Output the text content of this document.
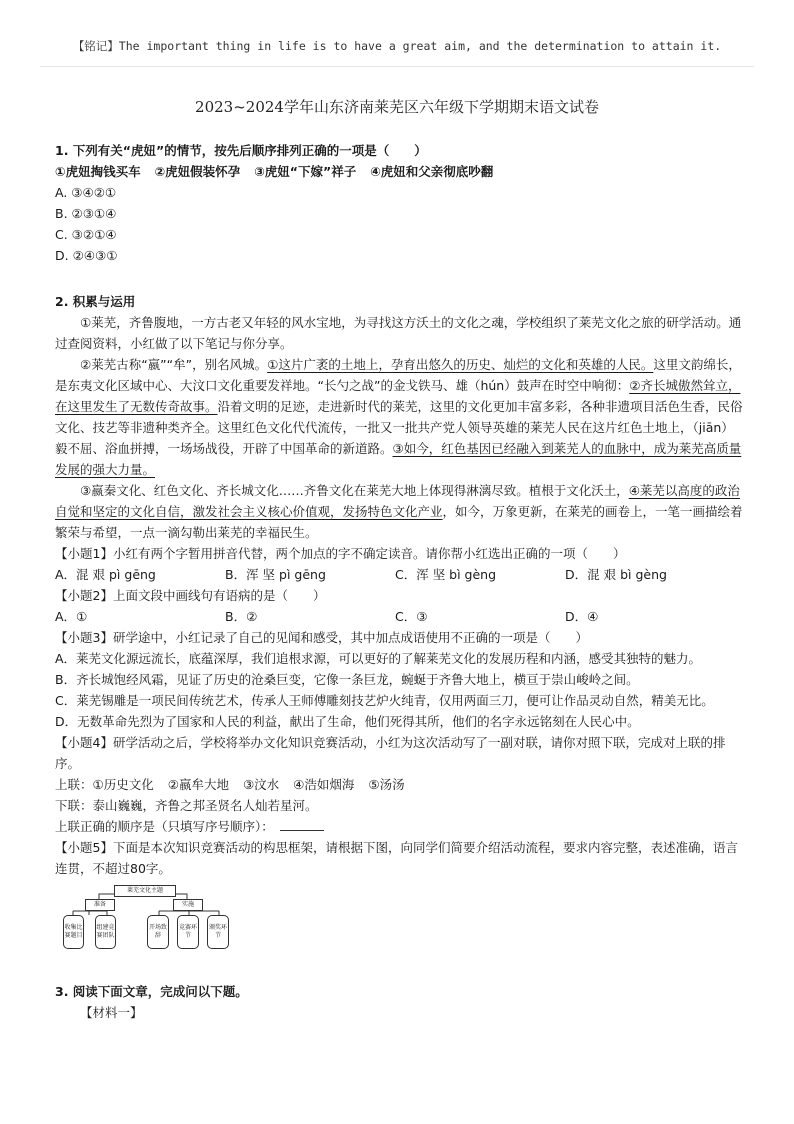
【铭记】The important thing in life is to have a great aim, and the determination to attain it.
2023~2024学年山东济南莱芜区六年级下学期期末语文试卷
1. 下列有关“虎妞”的情节，按先后顺序排列正确的一项是（　　）
①虎妞掏钱买车 ②虎妞假装怀孕 ③虎妞“下嫁”祥子 ④虎妞和父亲彻底吵翻
A. ③④②①
B. ②③①④
C. ③②①④
D. ②④③①
2. 积累与运用
①莱芜，齐鲁腹地，一方古老又年轻的风水宝地，为寻找这方沃土的文化之魂，学校组织了莱芜文化之旅的研学活动。通过查阅资料，小红做了以下笔记与你分享。
②莱芜古称“嬴”“牟”，别名风城。①这片广袤的土地上，孕育出悠久的历史、灿烂的文化和英雄的人民。这里文韵绵长，是东夷文化区域中心、大汶口文化重要发祥地。“长勺之战”的金戈铁马、雄（hún）鼓声在时空中响彻：②齐长城傲然耸立，在这里发生了无数传奇故事。沿着文明的足迹，走进新时代的莱芜，这里的文化更加丰富多彩，各种非遗项目活色生香，民俗文化、技艺等非遗种类齐全。这里红色文化代代流传，一批又一批共产党人领导英雄的莱芜人民在这片红色土地上，（jiān）毅不屈、浴血拼搏，一场场战役，开辟了中国革命的新道路。③如今，红色基因已经融入到莱芜人的血脉中，成为莱芜高质量发展的强大力量。
③嬴秦文化、红色文化、齐长城文化……齐鲁文化在莱芜大地上体现得淋漓尽致。植根于文化沃土，④莱芜以高度的政治自觉和坚定的文化自信，激发社会主义核心价值观，发扬特色文化产业，如今，万象更新，在莱芜的画卷上，一笔一画描绘着繁荣与希望，一点一滴勾勒出莱芜的幸福民生。
【小题1】小红有两个字暂用拼音代替，两个加点的字不确定读音。请你帮小红选出正确的一项（　　）
A．混 艰 pì gēng	B．浑 坚 pì gēng	C．浑 坚 bì gèng	D．混 艰 bì gèng
【小题2】上面文段中画线句有语病的是（　　）
A．①	B．②	C．③	D．④
【小题3】研学途中，小红记录了自己的见闻和感受，其中加点成语使用不正确的一项是（　　）
A．莱芜文化源远流长，底蕴深厚，我们追根求源，可以更好的了解莱芜文化的发展历程和内涵，感受其独特的魅力。
B．齐长城饱经风霜，见证了历史的沧桑巨变，它像一条巨龙，蜿蜒于齐鲁大地上，横亘于崇山峻岭之间。
C．莱芜锡雕是一项民间传统艺术，传承人王师傅雕刻技艺炉火纯青，仅用两面三刀，便可让作品灵动自然，精美无比。
D．无数革命先烈为了国家和人民的利益，献出了生命，他们死得其所，他们的名字永远铭刻在人民心中。
【小题4】研学活动之后，学校将举办文化知识竞赛活动，小红为这次活动写了一副对联，请你对照下联，完成对上联的排序。
上联：①历史文化 ②嬴牟大地 ③汶水 ④浩如烟海 ⑤汤汤
下联：泰山巍巍，齐鲁之邦圣贤名人灿若星河。
上联正确的顺序是（只填写序号顺序）：
【小题5】下面是本次知识竞赛活动的构思框架，请根据下图，向同学们简要介绍活动流程，要求内容完整，表述准确，语言连贯，不超过80字。
莱芜文化主题
准备	实施
收集比赛题目
组建竞赛团队
开场致辞
竞赛环节
颁奖环节
3. 阅读下面文章，完成问以下题。
【材料一】
